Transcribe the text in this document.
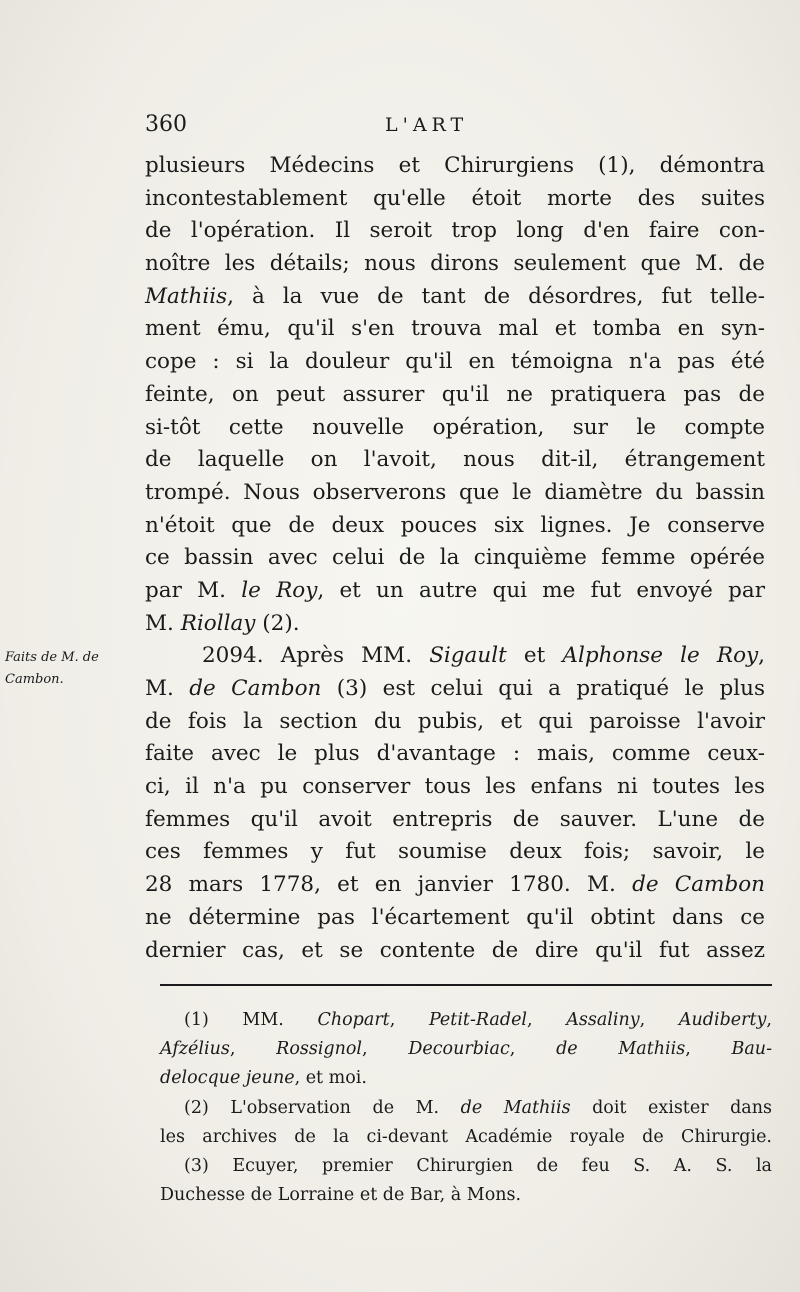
360	L'ART
Faits de M. de
Cambon.
plusieurs Médecins et Chirurgiens (1), démontra
incontestablement qu'elle étoit morte des suites
de l'opération. Il seroit trop long d'en faire con-
noître les détails; nous dirons seulement que M. de
Mathiis, à la vue de tant de désordres, fut telle-
ment ému, qu'il s'en trouva mal et tomba en syn-
cope : si la douleur qu'il en témoigna n'a pas été
feinte, on peut assurer qu'il ne pratiquera pas de
si-tôt cette nouvelle opération, sur le compte
de laquelle on l'avoit, nous dit-il, étrangement
trompé. Nous observerons que le diamètre du bassin
n'étoit que de deux pouces six lignes. Je conserve
ce bassin avec celui de la cinquième femme opérée
par M. le Roy, et un autre qui me fut envoyé par
M. Riollay (2).
2094. Après MM. Sigault et Alphonse le Roy,
M. de Cambon (3) est celui qui a pratiqué le plus
de fois la section du pubis, et qui paroisse l'avoir
faite avec le plus d'avantage : mais, comme ceux-
ci, il n'a pu conserver tous les enfans ni toutes les
femmes qu'il avoit entrepris de sauver. L'une de
ces femmes y fut soumise deux fois; savoir, le
28 mars 1778, et en janvier 1780. M. de Cambon
ne détermine pas l'écartement qu'il obtint dans ce
dernier cas, et se contente de dire qu'il fut assez
(1) MM. Chopart, Petit-Radel, Assaliny, Audiberty,
Afzélius, Rossignol, Decourbiac, de Mathiis, Bau-
delocque jeune, et moi.
(2) L'observation de M. de Mathiis doit exister dans
les archives de la ci-devant Académie royale de Chirurgie.
(3) Ecuyer, premier Chirurgien de feu S. A. S. la
Duchesse de Lorraine et de Bar, à Mons.
